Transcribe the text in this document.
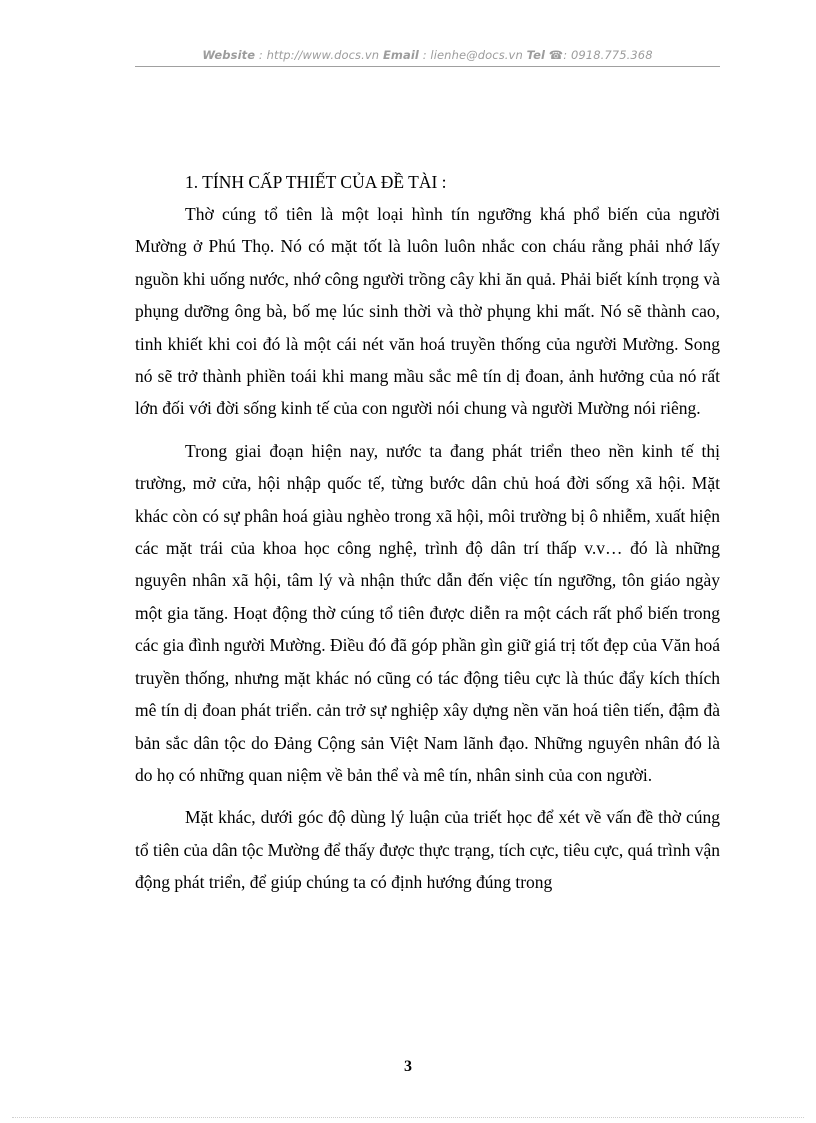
Website : http://www.docs.vn Email : lienhe@docs.vn Tel ☎: 0918.775.368

1. TÍNH CẤP THIẾT CỦA ĐỀ TÀI :

Thờ cúng tổ tiên là một loại hình tín ngưỡng khá phổ biến của người Mường ở Phú Thọ. Nó có mặt tốt là luôn luôn nhắc con cháu rằng phải nhớ lấy nguồn khi uống nước, nhớ công người trồng cây khi ăn quả. Phải biết kính trọng và phụng dưỡng ông bà, bố mẹ lúc sinh thời và thờ phụng khi mất. Nó sẽ thành cao, tinh khiết khi coi đó là một cái nét văn hoá truyền thống của người Mường. Song nó sẽ trở thành phiền toái khi mang mầu sắc mê tín dị đoan, ảnh hưởng của nó rất lớn đối với đời sống kinh tế của con người nói chung và người Mường nói riêng.

Trong giai đoạn hiện nay, nước ta đang phát triển theo nền kinh tế thị trường, mở cửa, hội nhập quốc tế, từng bước dân chủ hoá đời sống xã hội. Mặt khác còn có sự phân hoá giàu nghèo trong xã hội, môi trường bị ô nhiễm, xuất hiện các mặt trái của khoa học công nghệ, trình độ dân trí thấp v.v… đó là những nguyên nhân xã hội, tâm lý và nhận thức dẫn đến việc tín ngưỡng, tôn giáo ngày một gia tăng. Hoạt động thờ cúng tổ tiên được diễn ra một cách rất phổ biến trong các gia đình người Mường. Điều đó đã góp phần gìn giữ giá trị tốt đẹp của Văn hoá truyền thống, nhưng mặt khác nó cũng có tác động tiêu cực là thúc đẩy kích thích mê tín dị đoan phát triển. cản trở sự nghiệp xây dựng nền văn hoá tiên tiến, đậm đà bản sắc dân tộc do Đảng Cộng sản Việt Nam lãnh đạo. Những nguyên nhân đó là do họ có những quan niệm về bản thể và mê tín, nhân sinh của con người.

Mặt khác, dưới góc độ dùng lý luận của triết học để xét về vấn đề thờ cúng tổ tiên của dân tộc Mường để thấy được thực trạng, tích cực, tiêu cực, quá trình vận động phát triển, để giúp chúng ta có định hướng đúng trong

3
